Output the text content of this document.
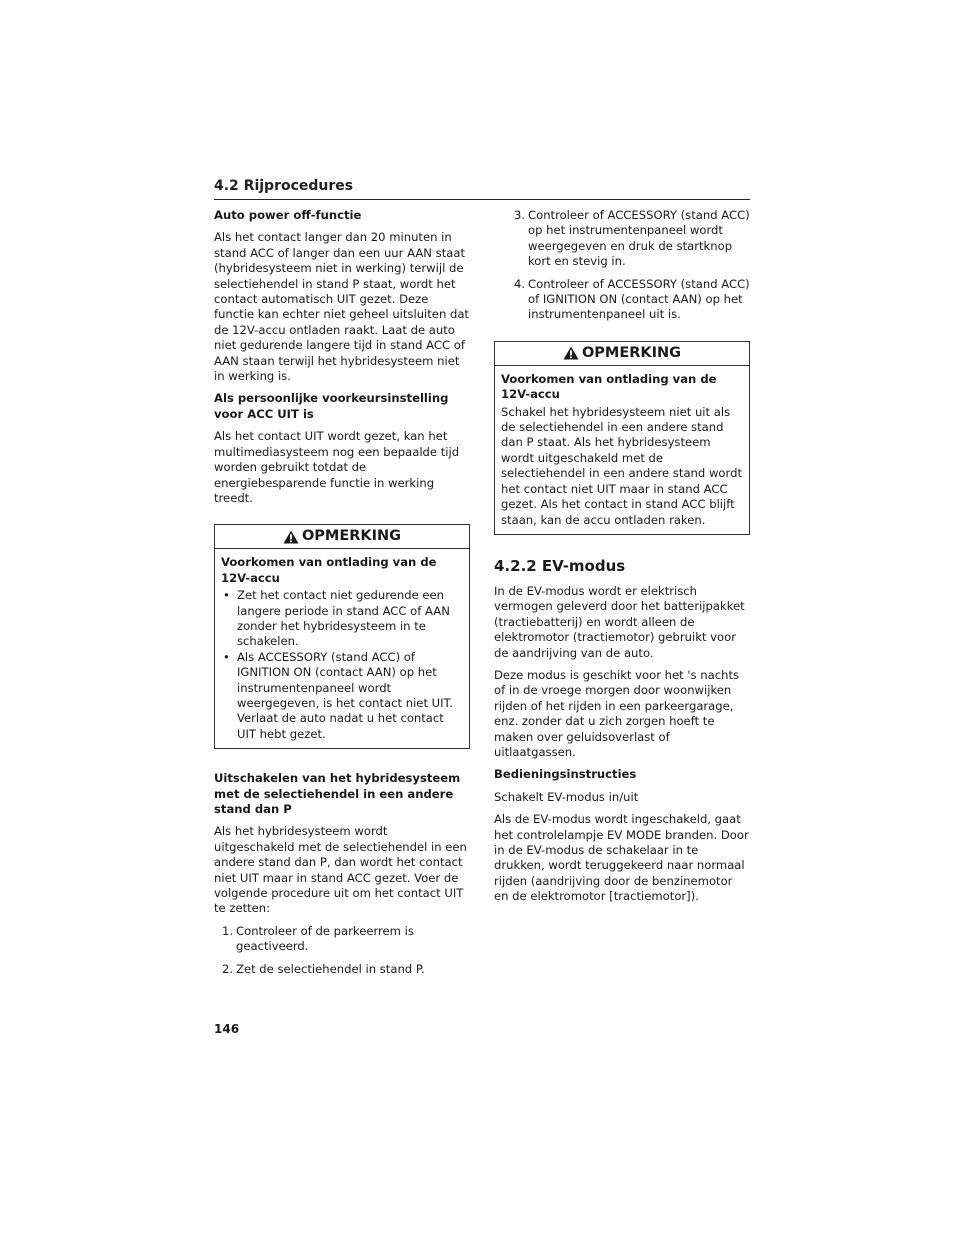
4.2 Rijprocedures
Auto power off-functie

Als het contact langer dan 20 minuten in stand ACC of langer dan een uur AAN staat (hybridesysteem niet in werking) terwijl de selectiehendel in stand P staat, wordt het contact automatisch UIT gezet. Deze functie kan echter niet geheel uitsluiten dat de 12V-accu ontladen raakt. Laat de auto niet gedurende langere tijd in stand ACC of AAN staan terwijl het hybridesysteem niet in werking is.

Als persoonlijke voorkeursinstelling voor ACC UIT is

Als het contact UIT wordt gezet, kan het multimediasysteem nog een bepaalde tijd worden gebruikt totdat de energiebesparende functie in werking treedt.

OPMERKING
Voorkomen van ontlading van de 12V-accu
• Zet het contact niet gedurende een langere periode in stand ACC of AAN zonder het hybridesysteem in te schakelen.
• Als ACCESSORY (stand ACC) of IGNITION ON (contact AAN) op het instrumentenpaneel wordt weergegeven, is het contact niet UIT. Verlaat de auto nadat u het contact UIT hebt gezet.
Uitschakelen van het hybridesysteem met de selectiehendel in een andere stand dan P

Als het hybridesysteem wordt uitgeschakeld met de selectiehendel in een andere stand dan P, dan wordt het contact niet UIT maar in stand ACC gezet. Voer de volgende procedure uit om het contact UIT te zetten:

1. Controleer of de parkeerrem is geactiveerd.
2. Zet de selectiehendel in stand P.
3. Controleer of ACCESSORY (stand ACC) op het instrumentenpaneel wordt weergegeven en druk de startknop kort en stevig in.
4. Controleer of ACCESSORY (stand ACC) of IGNITION ON (contact AAN) op het instrumentenpaneel uit is.
OPMERKING
Voorkomen van ontlading van de 12V-accu
Schakel het hybridesysteem niet uit als de selectiehendel in een andere stand dan P staat. Als het hybridesysteem wordt uitgeschakeld met de selectiehendel in een andere stand wordt het contact niet UIT maar in stand ACC gezet. Als het contact in stand ACC blijft staan, kan de accu ontladen raken.
4.2.2 EV-modus

In de EV-modus wordt er elektrisch vermogen geleverd door het batterijpakket (tractiebatterij) en wordt alleen de elektromotor (tractiemotor) gebruikt voor de aandrijving van de auto.

Deze modus is geschikt voor het 's nachts of in de vroege morgen door woonwijken rijden of het rijden in een parkeergarage, enz. zonder dat u zich zorgen hoeft te maken over geluidsoverlast of uitlaatgassen.

Bedieningsinstructies

Schakelt EV-modus in/uit

Als de EV-modus wordt ingeschakeld, gaat het controlelampje EV MODE branden. Door in de EV-modus de schakelaar in te drukken, wordt teruggekeerd naar normaal rijden (aandrijving door de benzinemotor en de elektromotor [tractiemotor]).

146
